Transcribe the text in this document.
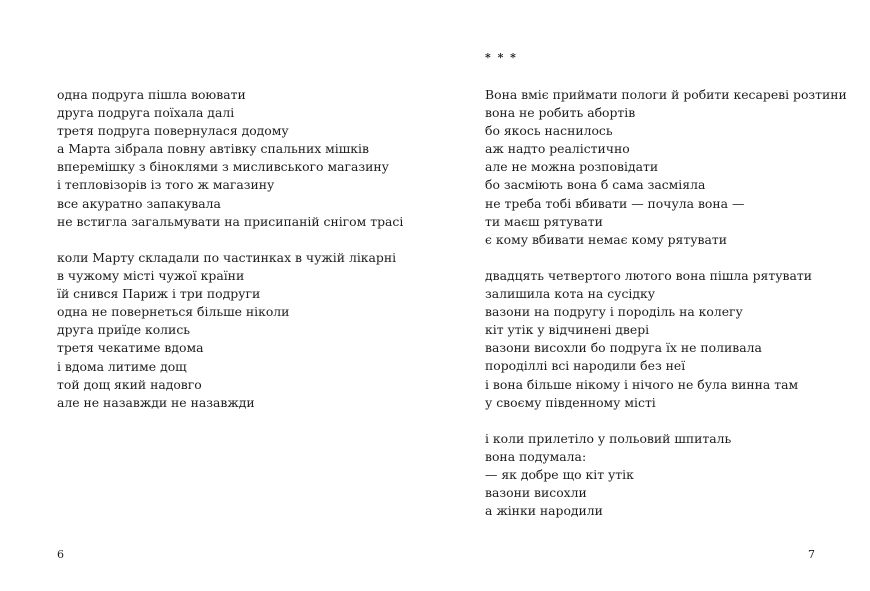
одна подруга пішла воювати
друга подруга поїхала далі
третя подруга повернулася додому
а Марта зібрала повну автівку спальних мішків
вперемішку з біноклями з мисливського магазину
і тепловізорів із того ж магазину
все акуратно запакувала
не встигла загальмувати на присипаній снігом трасі
коли Марту складали по частинках в чужій лікарні
в чужому місті чужої країни
їй снився Париж і три подруги
одна не повернеться більше ніколи
друга приїде колись
третя чекатиме вдома
і вдома литиме дощ
той дощ який надовго
але не назавжди не назавжди
6
* * *
Вона вміє приймати пологи й робити кесареві розтини
вона не робить абортів
бо якось наснилось
аж надто реалістично
але не можна розповідати
бо засміють вона б сама засміяла
не треба тобі вбивати — почула вона —
ти маєш рятувати
є кому вбивати немає кому рятувати
двадцять четвертого лютого вона пішла рятувати
залишила кота на сусідку
вазони на подругу і породіль на колегу
кіт утік у відчинені двері
вазони висохли бо подруга їх не поливала
породіллі всі народили без неї
і вона більше нікому і нічого не була винна там
у своєму південному місті
і коли прилетіло у польовий шпиталь
вона подумала:
— як добре що кіт утік
вазони висохли
а жінки народили
7
